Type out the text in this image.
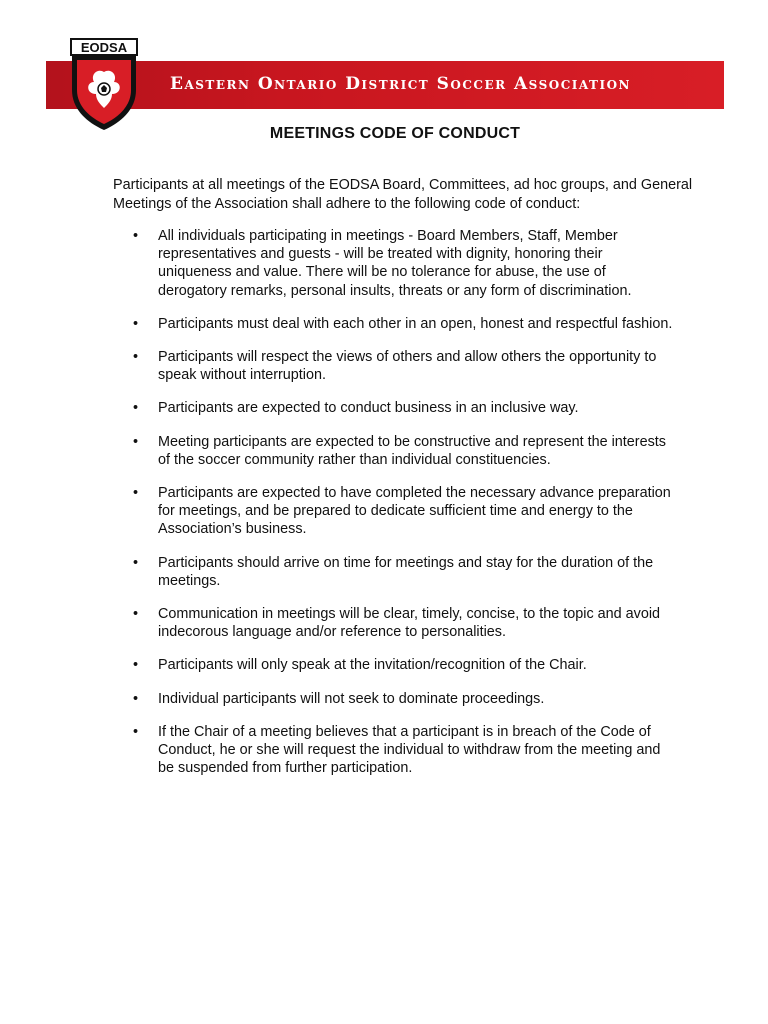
Eastern Ontario District Soccer Association
EODSA
MEETINGS CODE OF CONDUCT
Participants at all meetings of the EODSA Board, Committees, ad hoc groups, and General Meetings of the Association shall adhere to the following code of conduct:
• All individuals participating in meetings - Board Members, Staff, Member representatives and guests - will be treated with dignity, honoring their uniqueness and value. There will be no tolerance for abuse, the use of derogatory remarks, personal insults, threats or any form of discrimination.
• Participants must deal with each other in an open, honest and respectful fashion.
• Participants will respect the views of others and allow others the opportunity to speak without interruption.
• Participants are expected to conduct business in an inclusive way.
• Meeting participants are expected to be constructive and represent the interests of the soccer community rather than individual constituencies.
• Participants are expected to have completed the necessary advance preparation for meetings, and be prepared to dedicate sufficient time and energy to the Association’s business.
• Participants should arrive on time for meetings and stay for the duration of the meetings.
• Communication in meetings will be clear, timely, concise, to the topic and avoid indecorous language and/or reference to personalities.
• Participants will only speak at the invitation/recognition of the Chair.
• Individual participants will not seek to dominate proceedings.
• If the Chair of a meeting believes that a participant is in breach of the Code of Conduct, he or she will request the individual to withdraw from the meeting and be suspended from further participation.
